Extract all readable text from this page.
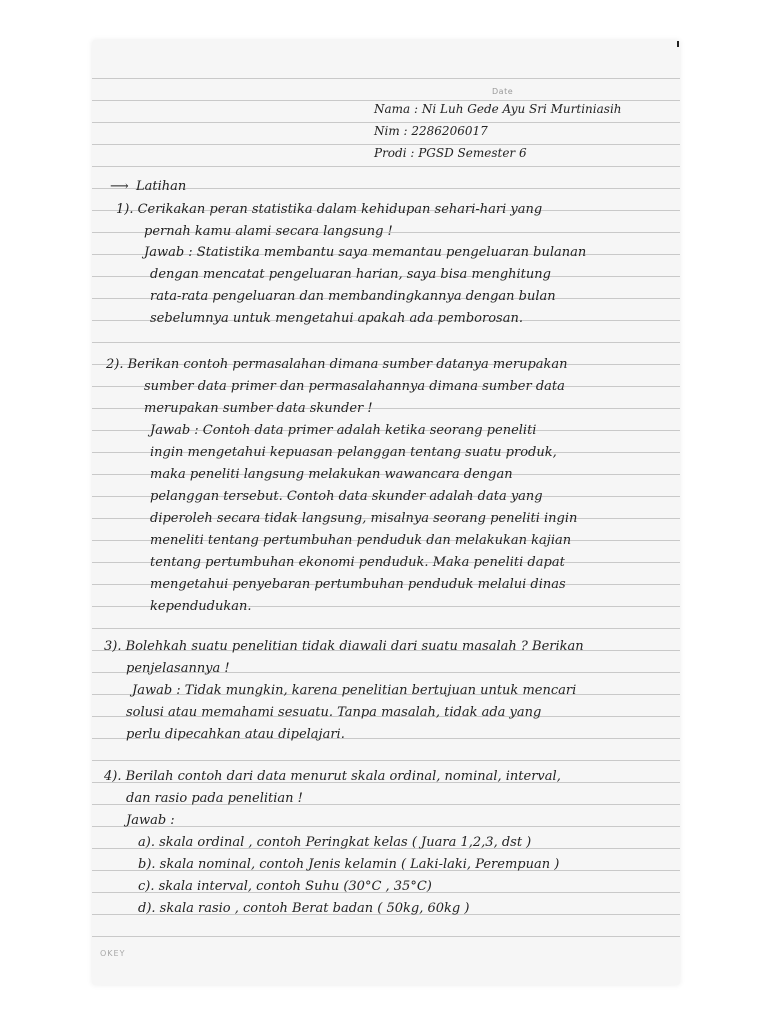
Date
Nama : Ni Luh Gede Ayu Sri Murtiniasih
Nim : 2286206017
Prodi : PGSD Semester 6
⟶ Latihan
1). Cerikakan peran statistika dalam kehidupan sehari-hari yang
pernah kamu alami secara langsung !
Jawab : Statistika membantu saya memantau pengeluaran bulanan
dengan mencatat pengeluaran harian, saya bisa menghitung
rata-rata pengeluaran dan membandingkannya dengan bulan
sebelumnya untuk mengetahui apakah ada pemborosan.
2). Berikan contoh permasalahan dimana sumber datanya merupakan
sumber data primer dan permasalahannya dimana sumber data
merupakan sumber data skunder !
Jawab : Contoh data primer adalah ketika seorang peneliti
ingin mengetahui kepuasan pelanggan tentang suatu produk,
maka peneliti langsung melakukan wawancara dengan
pelanggan tersebut. Contoh data skunder adalah data yang
diperoleh secara tidak langsung, misalnya seorang peneliti ingin
meneliti tentang pertumbuhan penduduk dan melakukan kajian
tentang pertumbuhan ekonomi penduduk. Maka peneliti dapat
mengetahui penyebaran pertumbuhan penduduk melalui dinas
kependudukan.
3). Bolehkah suatu penelitian tidak diawali dari suatu masalah ? Berikan
penjelasannya !
Jawab : Tidak mungkin, karena penelitian bertujuan untuk mencari
solusi atau memahami sesuatu. Tanpa masalah, tidak ada yang
perlu dipecahkan atau dipelajari.
4). Berilah contoh dari data menurut skala ordinal, nominal, interval,
dan rasio pada penelitian !
Jawab :
a). skala ordinal , contoh Peringkat kelas ( Juara 1,2,3, dst )
b). skala nominal, contoh Jenis kelamin ( Laki-laki, Perempuan )
c). skala interval, contoh Suhu (30°C , 35°C)
d). skala rasio , contoh Berat badan ( 50kg, 60kg )
OKEY
